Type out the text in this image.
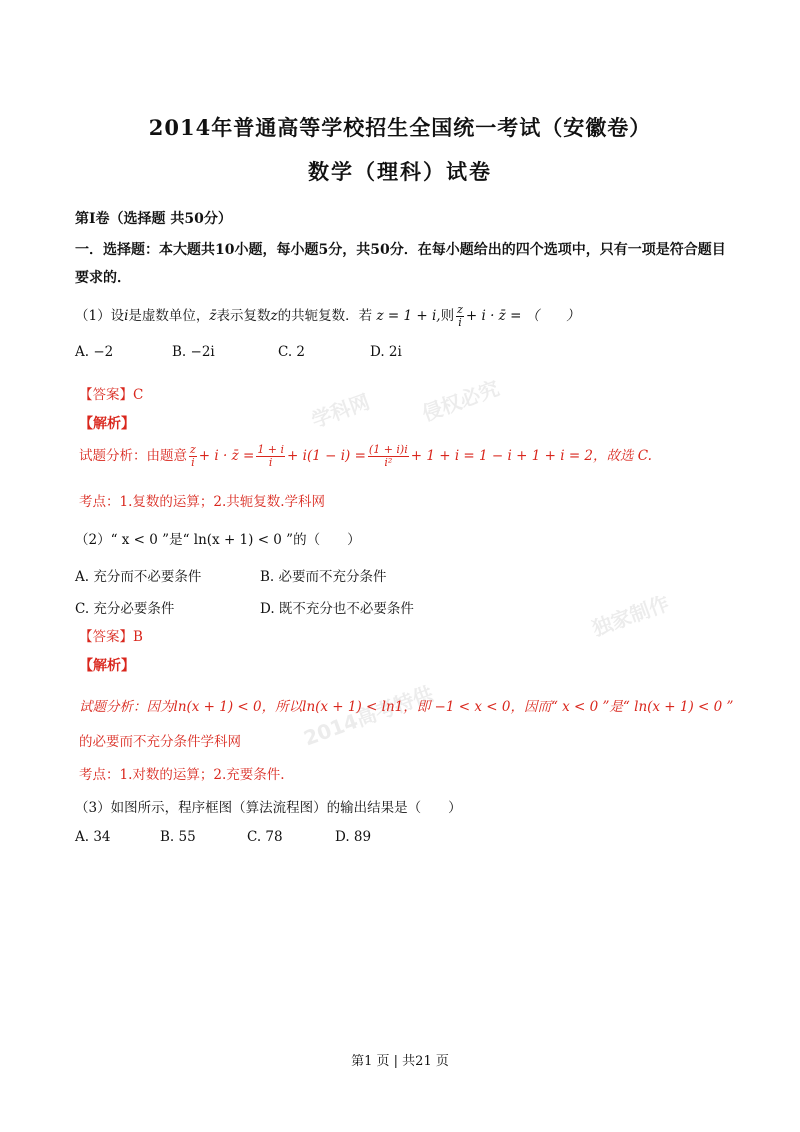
学科网 侵权必究
独家制作
2014高考特供
2014年普通高等学校招生全国统一考试（安徽卷）
数学（理科）试卷
第Ⅰ卷（选择题 共50分）
一．选择题：本大题共10小题，每小题5分，共50分．在每小题给出的四个选项中，只有一项是符合题目要求的．
（1）设i是虚数单位，z̄表示复数z的共轭复数．若 z = 1 + i,则 $\frac{z}{i} + i$ · z̄ = （　　）
A. −2	B. −2i	C. 2	D. 2i
【答案】C
【解析】
试题分析：由题意 $\frac{z}{i} + i$ · z̄ = $\frac{1 + i}{i} + i(1 - i) = \frac{(1 + i)i}{\text{i²}} + 1 + i = 1 - i + 1 + i = 2$，故选 C.
考点：1.复数的运算；2.共轭复数.学科网
（2）“ x < 0 ”是“ ln(x + 1) < 0 ”的（　　）
A. 充分而不必要条件	B. 必要而不充分条件
C. 充分必要条件	D. 既不充分也不必要条件
【答案】B
【解析】
试题分析：因为ln(x + 1) < 0，所以ln(x + 1) < ln1，即 −1 < x < 0，因而“ x < 0 ”是“ ln(x + 1) < 0 ”
的必要而不充分条件学科网
考点：1.对数的运算；2.充要条件.
（3）如图所示，程序框图（算法流程图）的输出结果是（　　）
A. 34	B. 55	C. 78	D. 89
第1 页 | 共21 页
